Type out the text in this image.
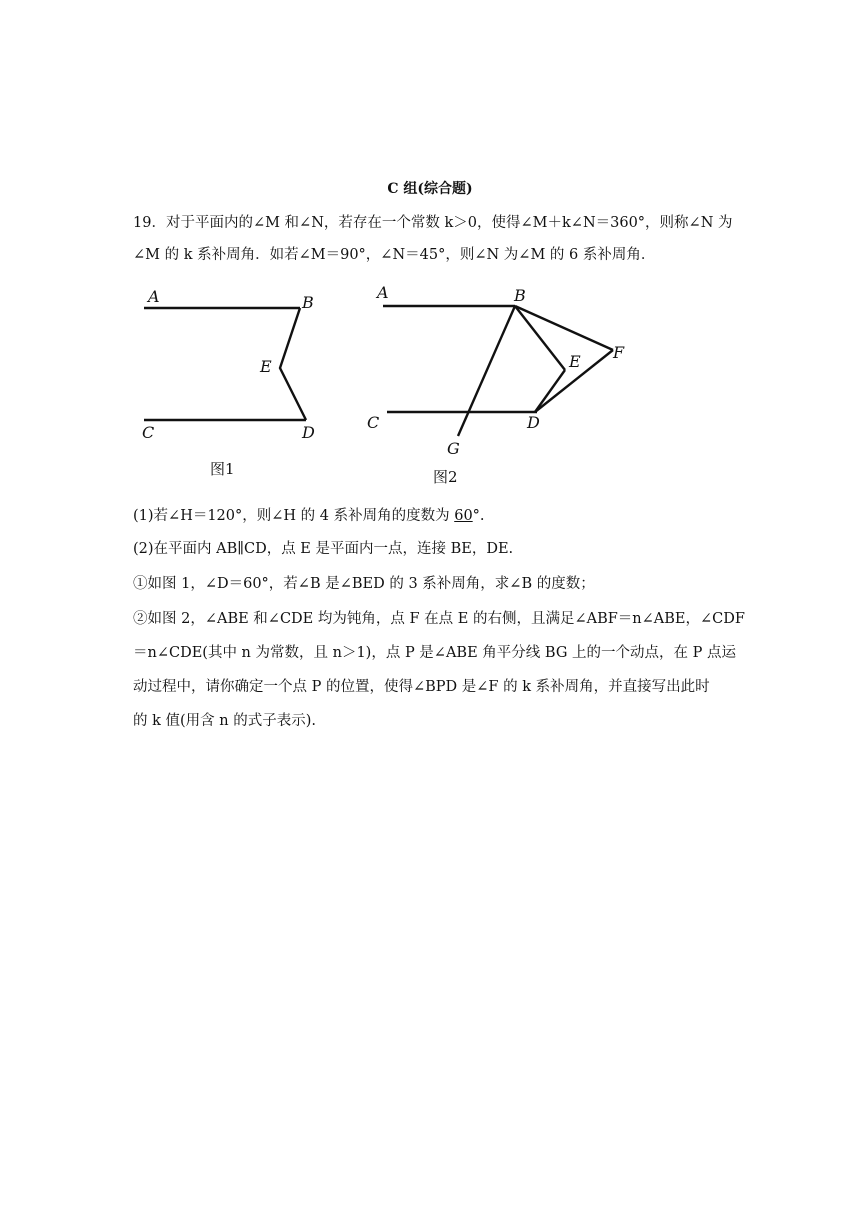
C 组(综合题)
19．对于平面内的∠M 和∠N，若存在一个常数 k＞0，使得∠M＋k∠N＝360°，则称∠N 为
∠M 的 k 系补周角．如若∠M＝90°，∠N＝45°，则∠N 为∠M 的 6 系补周角．
A	B
E
C	D
图1
A	B
E F
C	D
G
图2
(1)若∠H＝120°，则∠H 的 4 系补周角的度数为 60°.
(2)在平面内 AB∥CD，点 E 是平面内一点，连接 BE，DE.
①如图 1，∠D＝60°，若∠B 是∠BED 的 3 系补周角，求∠B 的度数；
②如图 2，∠ABE 和∠CDE 均为钝角，点 F 在点 E 的右侧，且满足∠ABF＝n∠ABE，∠CDF
＝n∠CDE(其中 n 为常数，且 n＞1)，点 P 是∠ABE 角平分线 BG 上的一个动点，在 P 点运
动过程中，请你确定一个点 P 的位置，使得∠BPD 是∠F 的 k 系补周角，并直接写出此时
的 k 值(用含 n 的式子表示).
